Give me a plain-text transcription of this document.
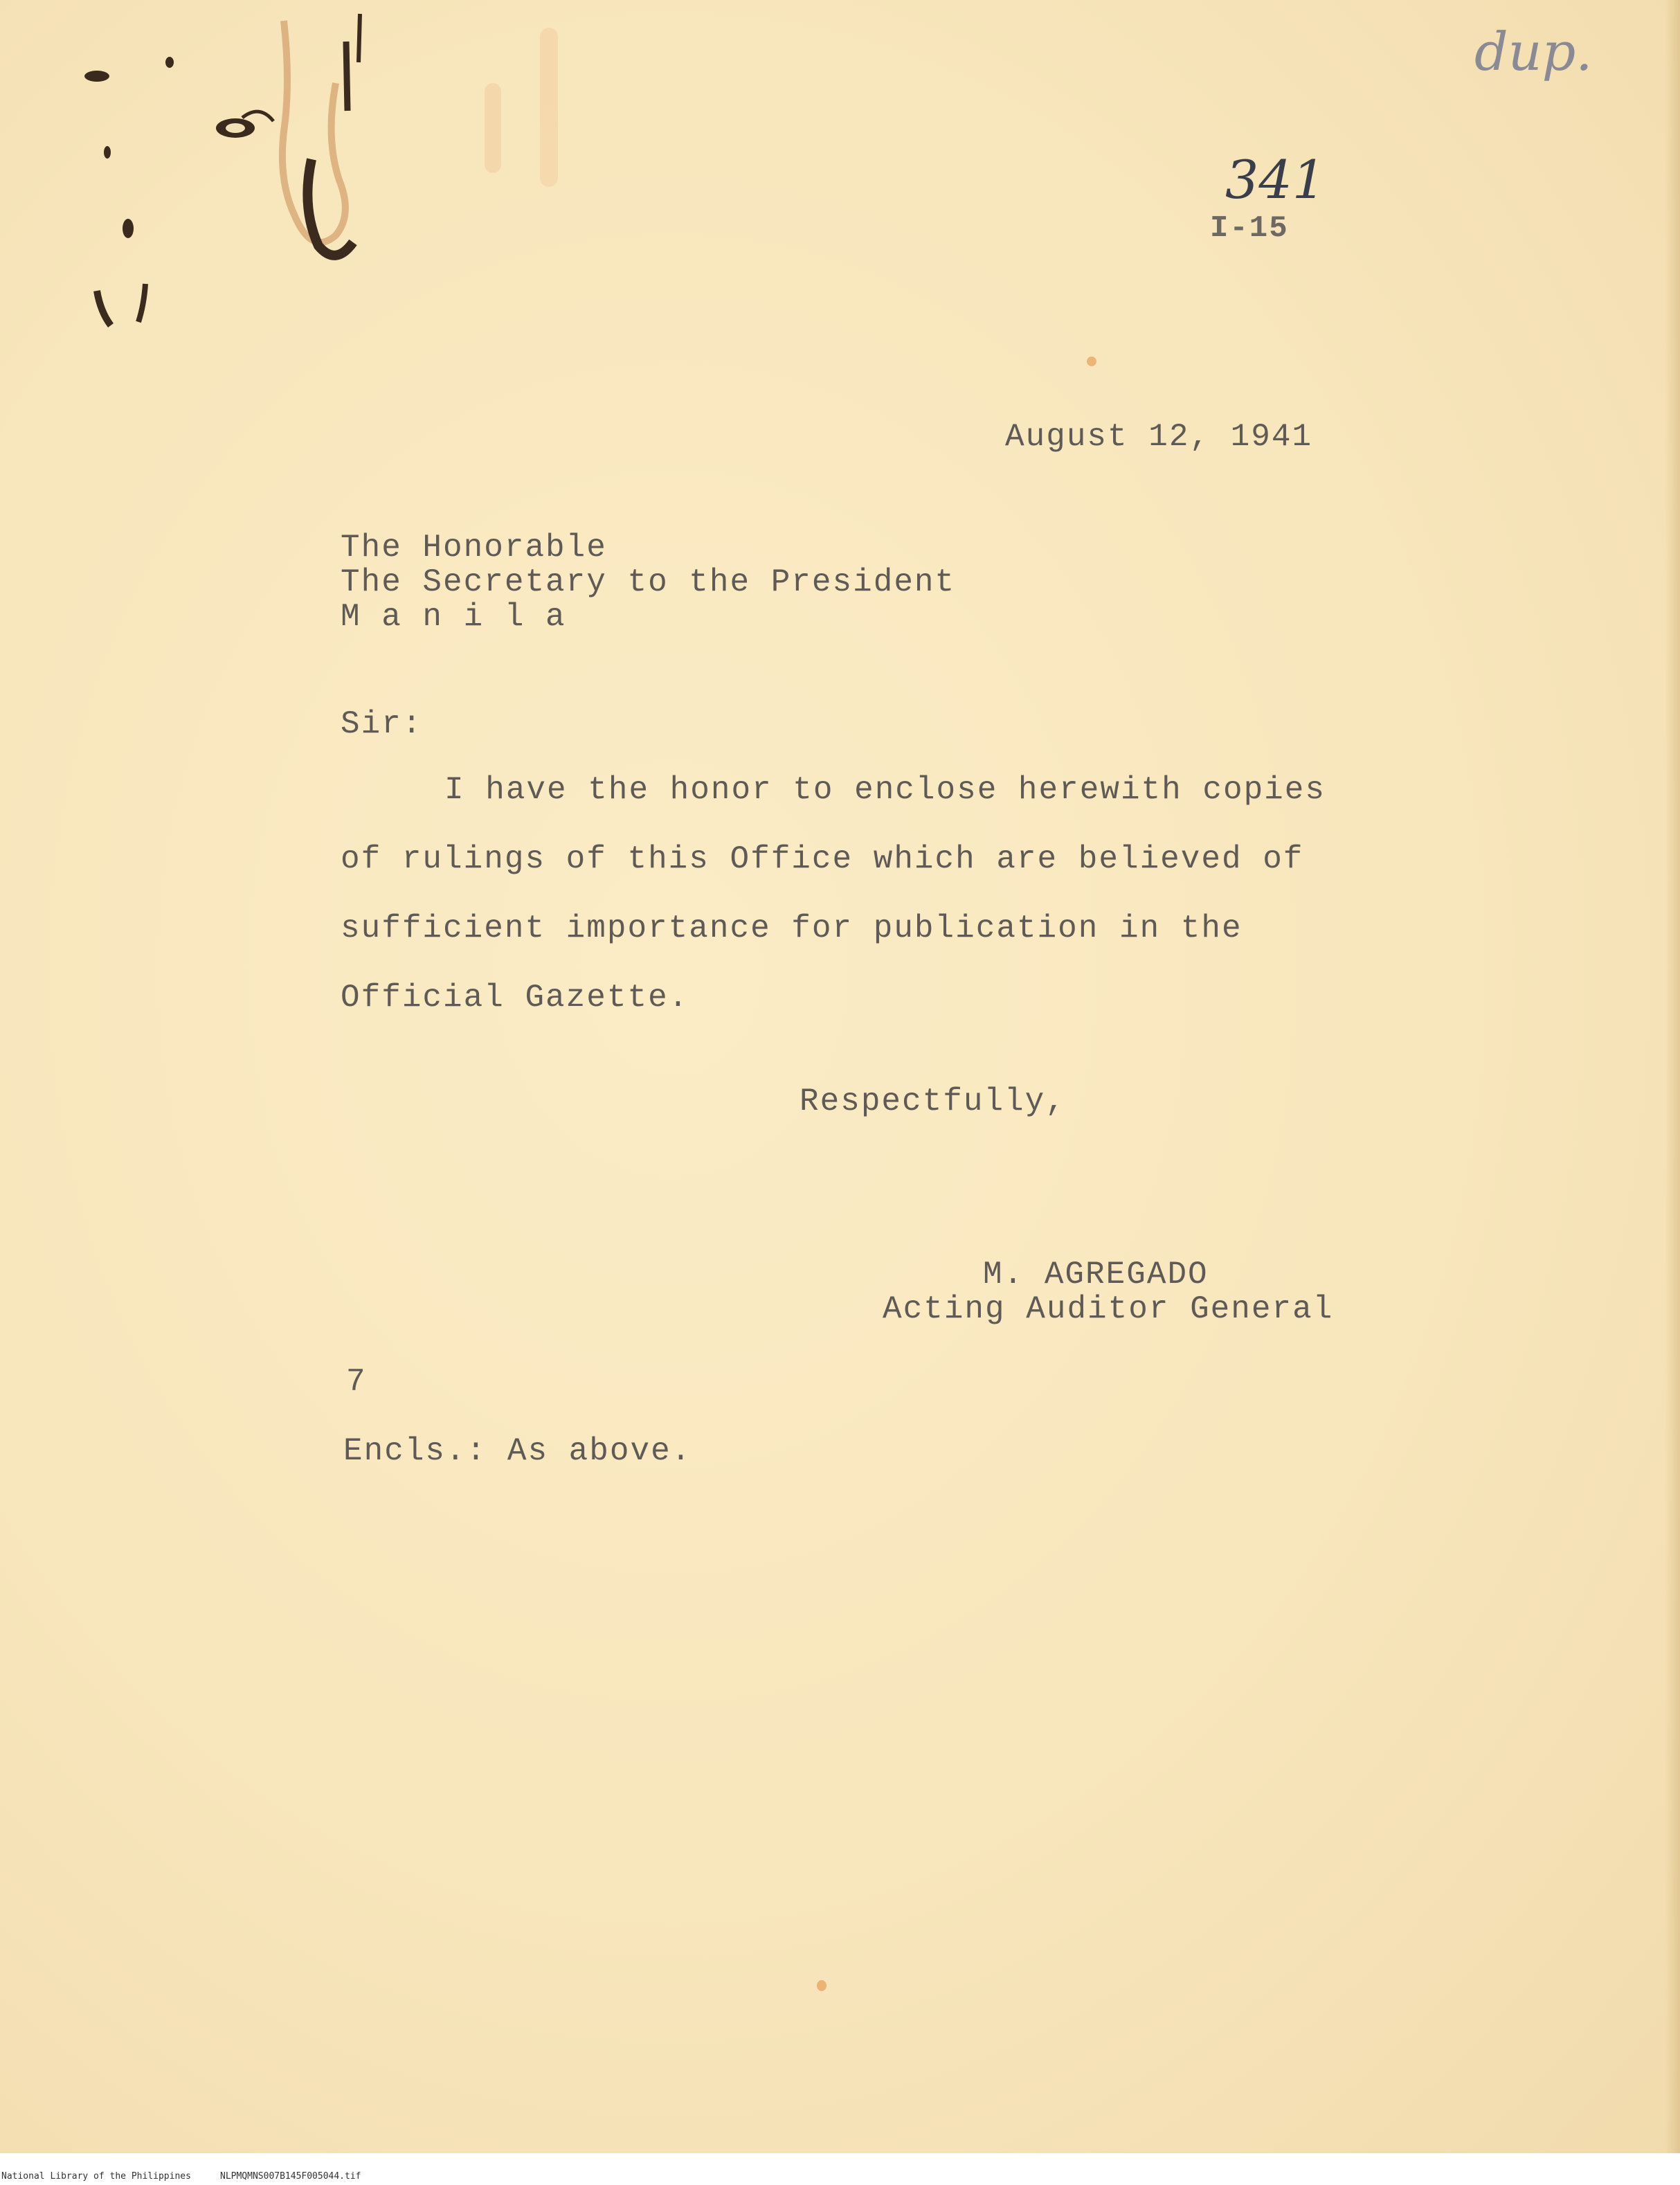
dup.
341
I-15
August 12, 1941
The Honorable
The Secretary to the President
M a n i l a
Sir:
I have the honor to enclose herewith copies
of rulings of this Office which are believed of
sufficient importance for publication in the
Official Gazette.
Respectfully,
M. AGREGADO
Acting Auditor General
7
Encls.: As above.
National Library of the Philippines	NLPMQMNS007B145F005044.tif
